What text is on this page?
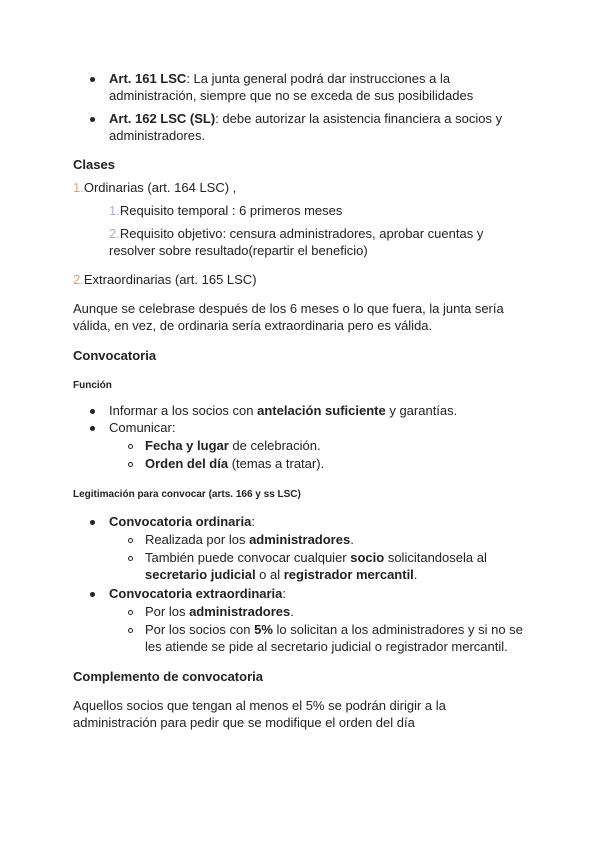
Art. 161 LSC: La junta general podrá dar instrucciones a la administración, siempre que no se exceda de sus posibilidades
Art. 162 LSC (SL): debe autorizar la asistencia financiera a socios y administradores.
Clases
1.Ordinarias (art. 164 LSC) ,
1.Requisito temporal : 6 primeros meses
2.Requisito objetivo: censura administradores, aprobar cuentas y resolver sobre resultado(repartir el beneficio)
2.Extraordinarias (art. 165 LSC)
Aunque se celebrase después de los 6 meses o lo que fuera, la junta sería válida, en vez, de ordinaria sería extraordinaria pero es válida.
Convocatoria
Función
Informar a los socios con antelación suficiente y garantías.
Comunicar:
Fecha y lugar de celebración.
Orden del día (temas a tratar).
Legitimación para convocar (arts. 166 y ss LSC)
Convocatoria ordinaria:
Realizada por los administradores.
También puede convocar cualquier socio solicitandosela al secretario judicial o al registrador mercantil.
Convocatoria extraordinaria:
Por los administradores.
Por los socios con 5% lo solicitan a los administradores y si no se les atiende se pide al secretario judicial o registrador mercantil.
Complemento de convocatoria
Aquellos socios que tengan al menos el 5% se podrán dirigir a la administración para pedir que se modifique el orden del día
